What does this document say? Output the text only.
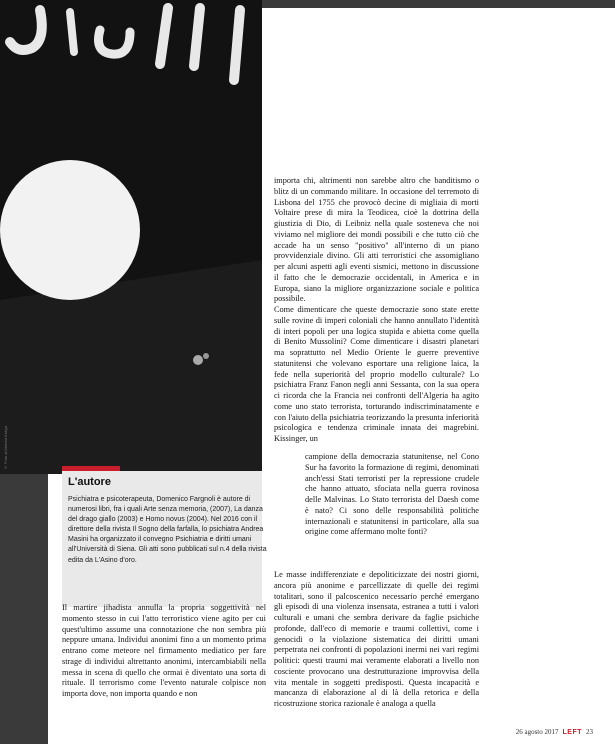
© Foto di Ahmed Kahya
L'autore
Psichiatra e psicoterapeuta, Domenico Fargnoli è autore di numerosi libri, fra i quali Arte senza memoria, (2007), La danza del drago giallo (2003) e Homo novus (2004). Nel 2016 con il direttore della rivista Il Sogno della farfalla, lo psichiatra Andrea Masini ha organizzato il convegno Psichiatria e diritti umani all'Università di Siena. Gli atti sono pubblicati sul n.4 della rivista edita da L'Asino d'oro.

Il martire jihadista annulla la propria soggettività nel momento stesso in cui l'atto terroristico viene agito per cui quest'ultimo assume una connotazione che non sembra più neppure umana. Individui anonimi fino a un momento prima entrano come meteore nel firmamento mediatico per fare strage di individui altrettanto anonimi, intercambiabili nella messa in scena di quello che ormai è diventato una sorta di rituale. Il terrorismo come l'evento naturale colpisce non importa dove, non importa quando e non

importa chi, altrimenti non sarebbe altro che banditismo o blitz di un commando militare. In occasione del terremoto di Lisbona del 1755 che provocò decine di migliaia di morti Voltaire prese di mira la Teodicea, cioè la dottrina della giustizia di Dio, di Leibniz nella quale sosteneva che noi viviamo nel migliore dei mondi possibili e che tutto ciò che accade ha un senso "positivo" all'interno di un piano provvidenziale divino. Gli atti terroristici che assomigliano per alcuni aspetti agli eventi sismici, mettono in discussione il fatto che le democrazie occidentali, in America e in Europa, siano la migliore organizzazione sociale e politica possibile.

Come dimenticare che queste democrazie sono state erette sulle rovine di imperi coloniali che hanno annullato l'identità di interi popoli per una logica stupida e abietta come quella di Benito Mussolini? Come dimenticare i disastri planetari ma soprattutto nel Medio Oriente le guerre preventive statunitensi che volevano esportare una religione laica, la fede nella superiorità del proprio modello culturale? Lo psichiatra Franz Fanon negli anni Sessanta, con la sua opera ci ricorda che la Francia nei confronti dell'Algeria ha agito come uno stato terrorista, torturando indiscriminatamente e con l'aiuto della psichiatria teorizzando la presunta inferiorità psicologica e tendenza criminale innata dei magrebini. Kissinger, un

campione della democrazia statunitense, nel Cono Sur ha favorito la formazione di regimi, denominati anch'essi Stati terroristi per la repressione crudele che hanno attuato, sfociata nella guerra rovinosa delle Malvinas. Lo Stato terrorista del Daesh come è nato? Ci sono delle responsabilità politiche internazionali e statunitensi in particolare, alla sua origine come affermano molte fonti?

Le masse indifferenziate e depoliticizzate dei nostri giorni, ancora più anonime e parcellizzate di quelle dei regimi totalitari, sono il palcoscenico necessario perché emergano gli episodi di una violenza insensata, estranea a tutti i valori culturali e umani che sembra derivare da faglie psichiche profonde, dall'eco di memorie e traumi collettivi, come i genocidi o la violazione sistematica dei diritti umani perpetrata nei confronti di popolazioni inermi nei vari regimi politici: questi traumi mai veramente elaborati a livello non cosciente provocano una destrutturazione improvvisa della vita mentale in soggetti predisposti. Questa incapacità e mancanza di elaborazione al di là della retorica e della ricostruzione storica razionale è analoga a quella

26 agosto 2017 LEFT 23
